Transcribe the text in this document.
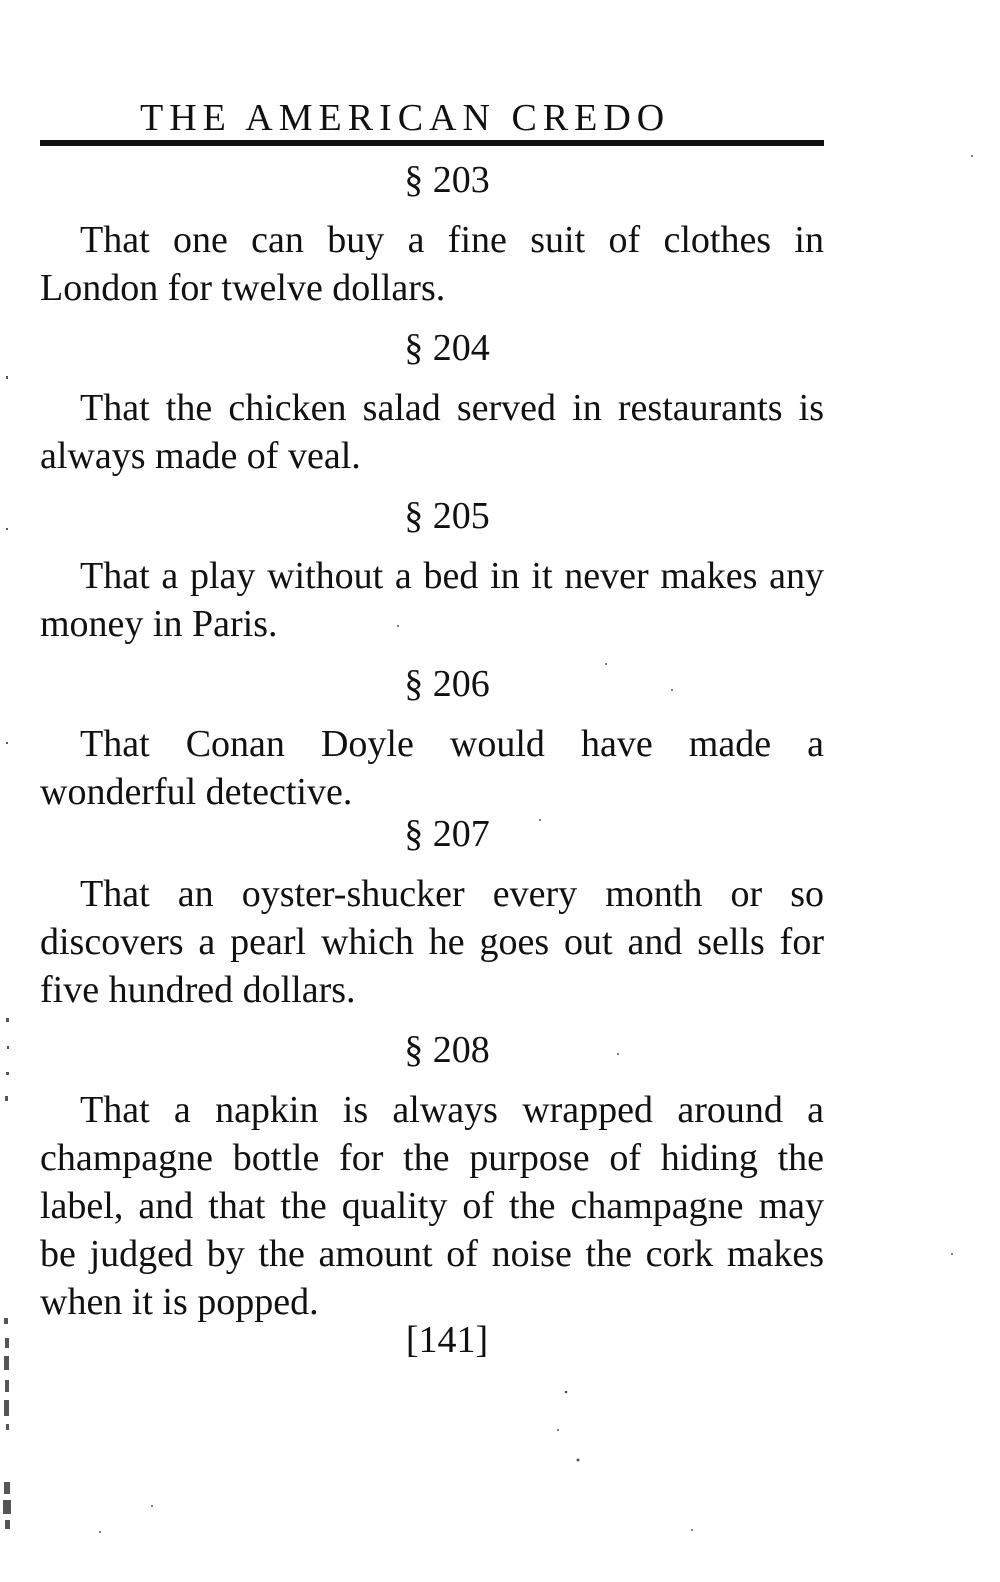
THE AMERICAN CREDO
§ 203

That one can buy a fine suit of clothes in London for twelve dollars.

§ 204

That the chicken salad served in restaurants is always made of veal.

§ 205

That a play without a bed in it never makes any money in Paris.

§ 206

That Conan Doyle would have made a wonderful detective.

§ 207

That an oyster-shucker every month or so discovers a pearl which he goes out and sells for five hundred dollars.

§ 208

That a napkin is always wrapped around a champagne bottle for the purpose of hiding the label, and that the quality of the champagne may be judged by the amount of noise the cork makes when it is popped.

[141]
